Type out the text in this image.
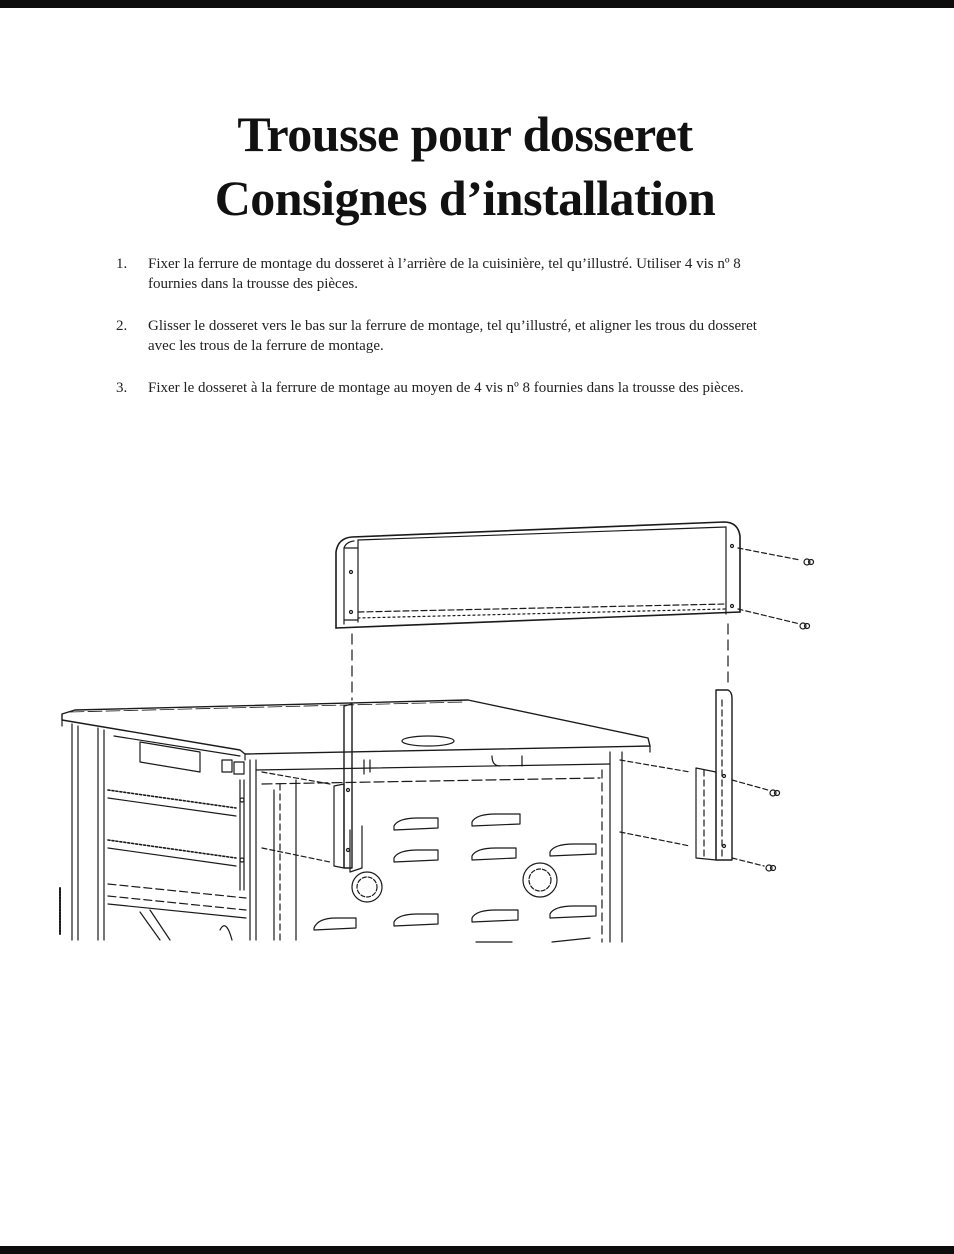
Trousse pour dosseret
Consignes d’installation
1.	Fixer la ferrure de montage du dosseret à l’arrière de la cuisinière, tel qu’illustré. Utiliser 4 vis nº 8 fournies dans la trousse des pièces.
2.	Glisser le dosseret vers le bas sur la ferrure de montage, tel qu’illustré, et aligner les trous du dosseret avec les trous de la ferrure de montage.
3.	Fixer le dosseret à la ferrure de montage au moyen de 4 vis nº 8 fournies dans la trousse des pièces.
